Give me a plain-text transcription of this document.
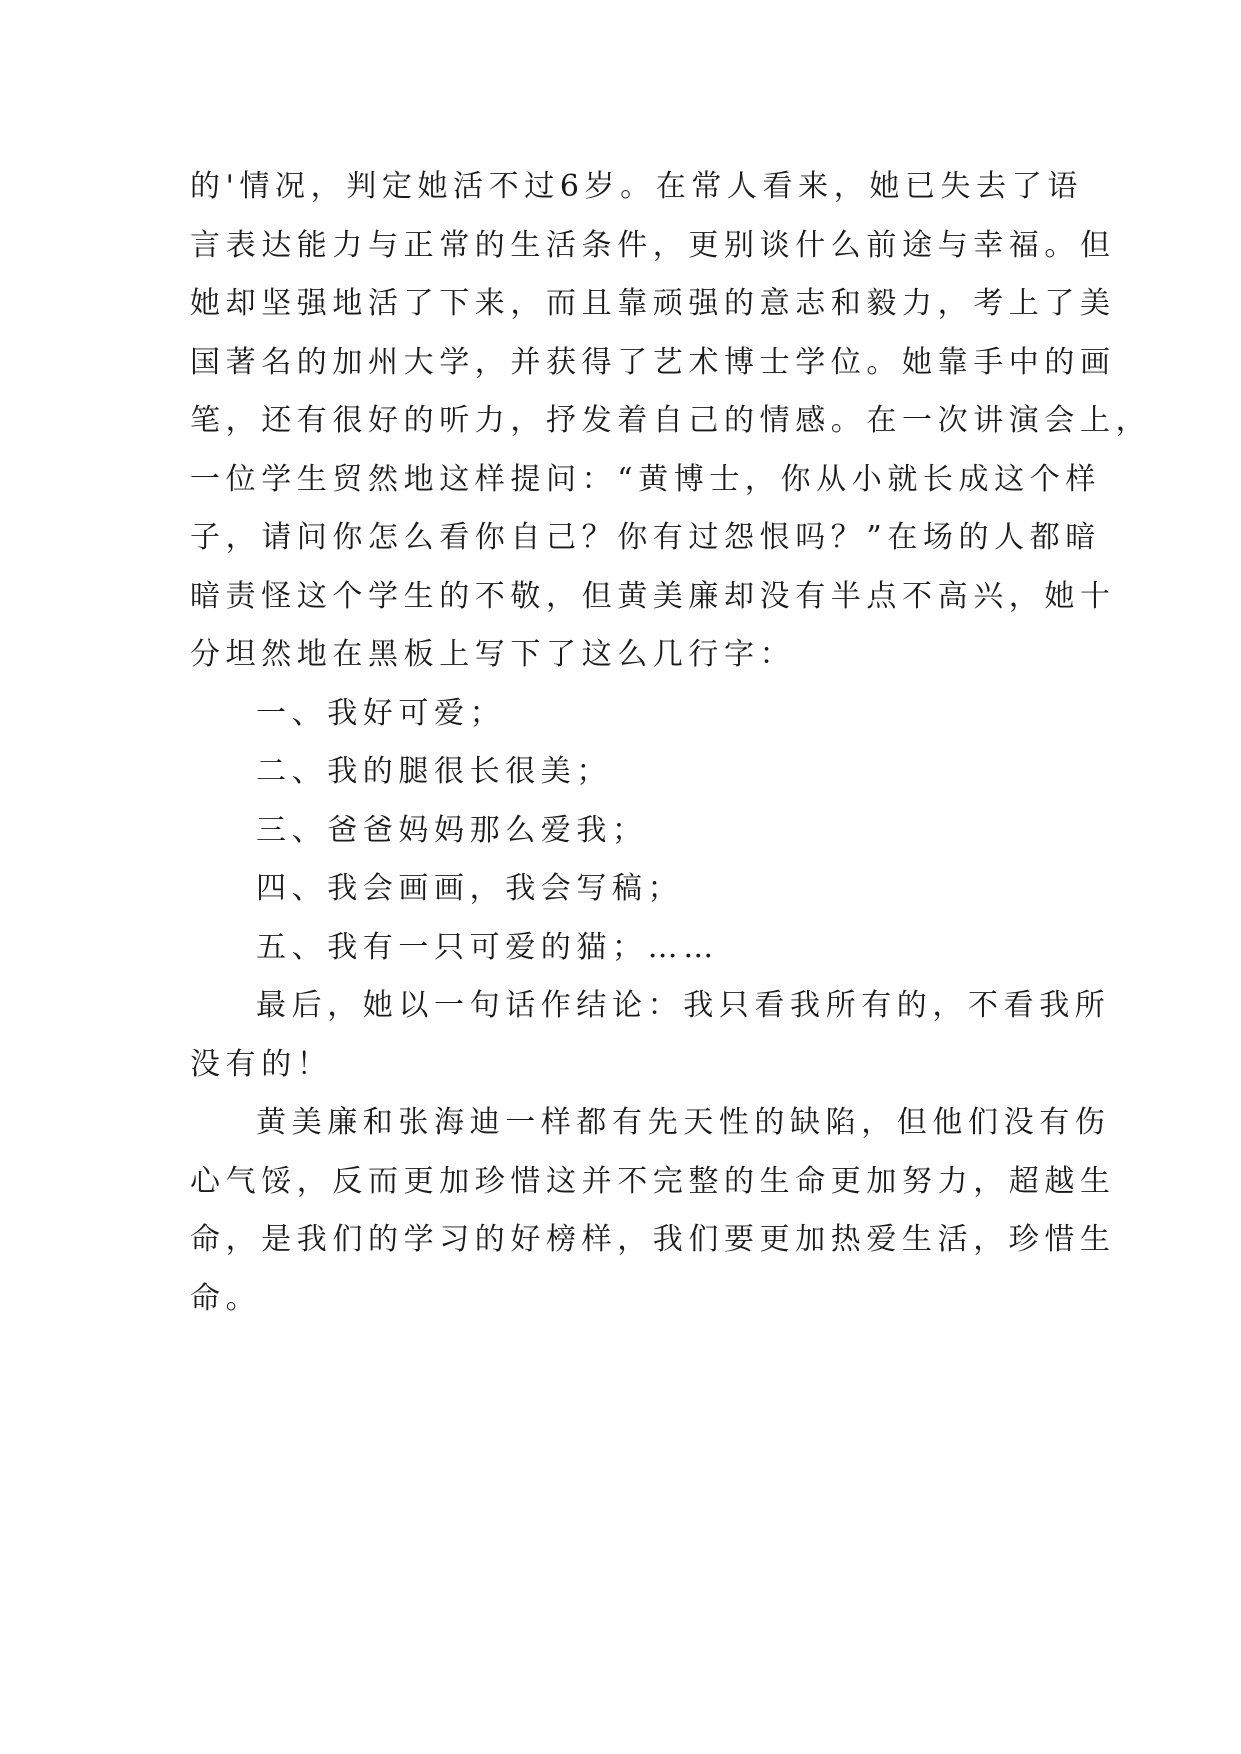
的'情况，判定她活不过6岁。在常人看来，她已失去了语
言表达能力与正常的生活条件，更别谈什么前途与幸福。但
她却坚强地活了下来，而且靠顽强的意志和毅力，考上了美
国著名的加州大学，并获得了艺术博士学位。她靠手中的画
笔，还有很好的听力，抒发着自己的情感。在一次讲演会上，
一位学生贸然地这样提问：“黄博士，你从小就长成这个样
子，请问你怎么看你自己？你有过怨恨吗？”在场的人都暗
暗责怪这个学生的不敬，但黄美廉却没有半点不高兴，她十
分坦然地在黑板上写下了这么几行字：
一、我好可爱；
二、我的腿很长很美；
三、爸爸妈妈那么爱我；
四、我会画画，我会写稿；
五、我有一只可爱的猫；……
最后，她以一句话作结论：我只看我所有的，不看我所
没有的！
黄美廉和张海迪一样都有先天性的缺陷，但他们没有伤
心气馁，反而更加珍惜这并不完整的生命更加努力，超越生
命，是我们的学习的好榜样，我们要更加热爱生活，珍惜生
命。
